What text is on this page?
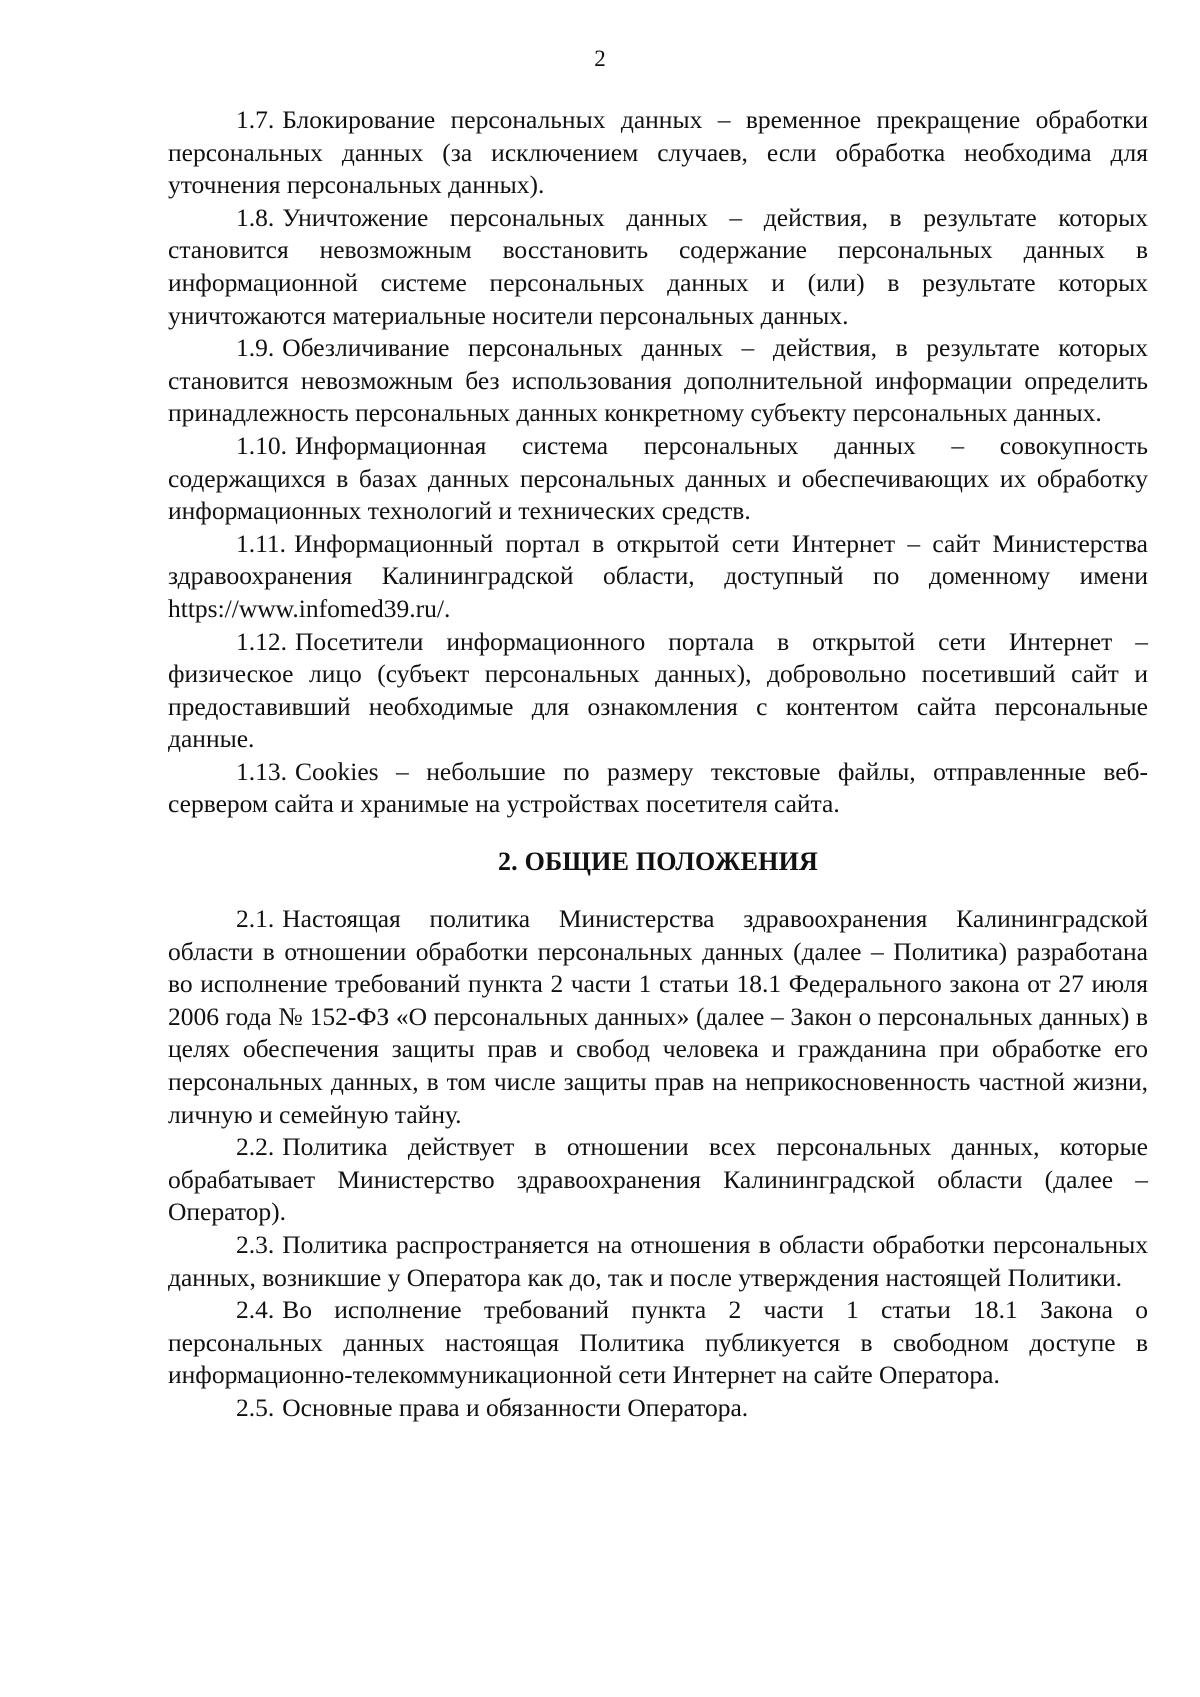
2

1.7. Блокирование персональных данных – временное прекращение обработки персональных данных (за исключением случаев, если обработка необходима для уточнения персональных данных).

1.8. Уничтожение персональных данных – действия, в результате которых становится невозможным восстановить содержание персональных данных в информационной системе персональных данных и (или) в результате которых уничтожаются материальные носители персональных данных.

1.9. Обезличивание персональных данных – действия, в результате которых становится невозможным без использования дополнительной информации определить принадлежность персональных данных конкретному субъекту персональных данных.

1.10. Информационная система персональных данных – совокупность содержащихся в базах данных персональных данных и обеспечивающих их обработку информационных технологий и технических средств.

1.11. Информационный портал в открытой сети Интернет – сайт Министерства здравоохранения Калининградской области, доступный по доменному имени https://www.infomed39.ru/.

1.12. Посетители информационного портала в открытой сети Интернет – физическое лицо (субъект персональных данных), добровольно посетивший сайт и предоставивший необходимые для ознакомления с контентом сайта персональные данные.

1.13. Cookies – небольшие по размеру текстовые файлы, отправленные веб-сервером сайта и хранимые на устройствах посетителя сайта.

2. ОБЩИЕ ПОЛОЖЕНИЯ

2.1. Настоящая политика Министерства здравоохранения Калининградской области в отношении обработки персональных данных (далее – Политика) разработана во исполнение требований пункта 2 части 1 статьи 18.1 Федерального закона от 27 июля 2006 года № 152-ФЗ «О персональных данных» (далее – Закон о персональных данных) в целях обеспечения защиты прав и свобод человека и гражданина при обработке его персональных данных, в том числе защиты прав на неприкосновенность частной жизни, личную и семейную тайну.

2.2. Политика действует в отношении всех персональных данных, которые обрабатывает Министерство здравоохранения Калининградской области (далее – Оператор).

2.3. Политика распространяется на отношения в области обработки персональных данных, возникшие у Оператора как до, так и после утверждения настоящей Политики.

2.4. Во исполнение требований пункта 2 части 1 статьи 18.1 Закона о персональных данных настоящая Политика публикуется в свободном доступе в информационно-телекоммуникационной сети Интернет на сайте Оператора.

2.5. Основные права и обязанности Оператора.
